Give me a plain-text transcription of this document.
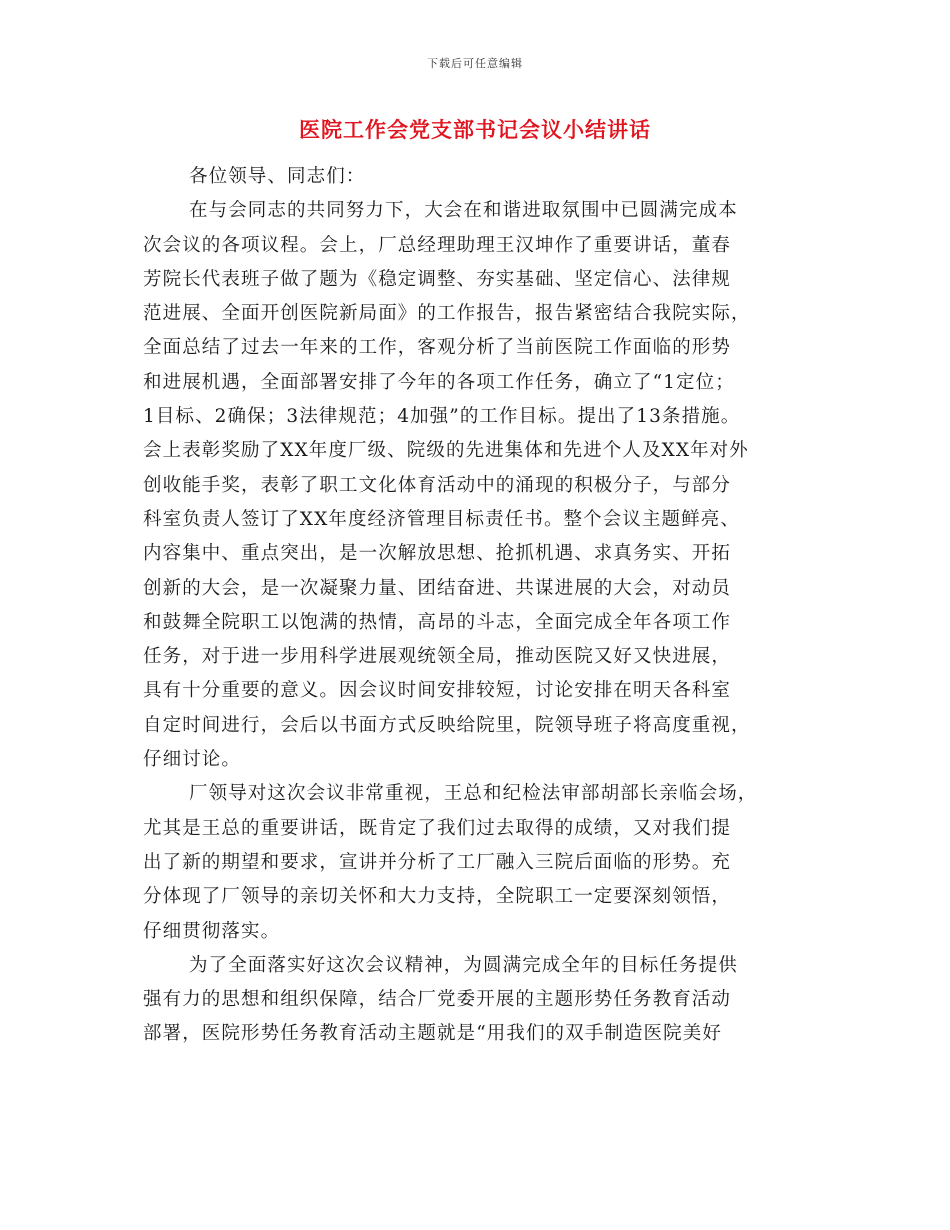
下载后可任意编辑
医院工作会党支部书记会议小结讲话
各位领导、同志们：
在与会同志的共同努力下，大会在和谐进取氛围中已圆满完成本
次会议的各项议程。会上，厂总经理助理王汉坤作了重要讲话，董春
芳院长代表班子做了题为《稳定调整、夯实基础、坚定信心、法律规
范进展、全面开创医院新局面》的工作报告，报告紧密结合我院实际，
全面总结了过去一年来的工作，客观分析了当前医院工作面临的形势
和进展机遇，全面部署安排了今年的各项工作任务，确立了“1定位；
1目标、2确保；3法律规范；4加强”的工作目标。提出了13条措施。
会上表彰奖励了XX年度厂级、院级的先进集体和先进个人及XX年对外
创收能手奖，表彰了职工文化体育活动中的涌现的积极分子，与部分
科室负责人签订了XX年度经济管理目标责任书。整个会议主题鲜亮、
内容集中、重点突出，是一次解放思想、抢抓机遇、求真务实、开拓
创新的大会，是一次凝聚力量、团结奋进、共谋进展的大会，对动员
和鼓舞全院职工以饱满的热情，高昂的斗志，全面完成全年各项工作
任务，对于进一步用科学进展观统领全局，推动医院又好又快进展，
具有十分重要的意义。因会议时间安排较短，讨论安排在明天各科室
自定时间进行，会后以书面方式反映给院里，院领导班子将高度重视，
仔细讨论。
厂领导对这次会议非常重视，王总和纪检法审部胡部长亲临会场，
尤其是王总的重要讲话，既肯定了我们过去取得的成绩，又对我们提
出了新的期望和要求，宣讲并分析了工厂融入三院后面临的形势。充
分体现了厂领导的亲切关怀和大力支持，全院职工一定要深刻领悟，
仔细贯彻落实。
为了全面落实好这次会议精神，为圆满完成全年的目标任务提供
强有力的思想和组织保障，结合厂党委开展的主题形势任务教育活动
部署，医院形势任务教育活动主题就是“用我们的双手制造医院美好
